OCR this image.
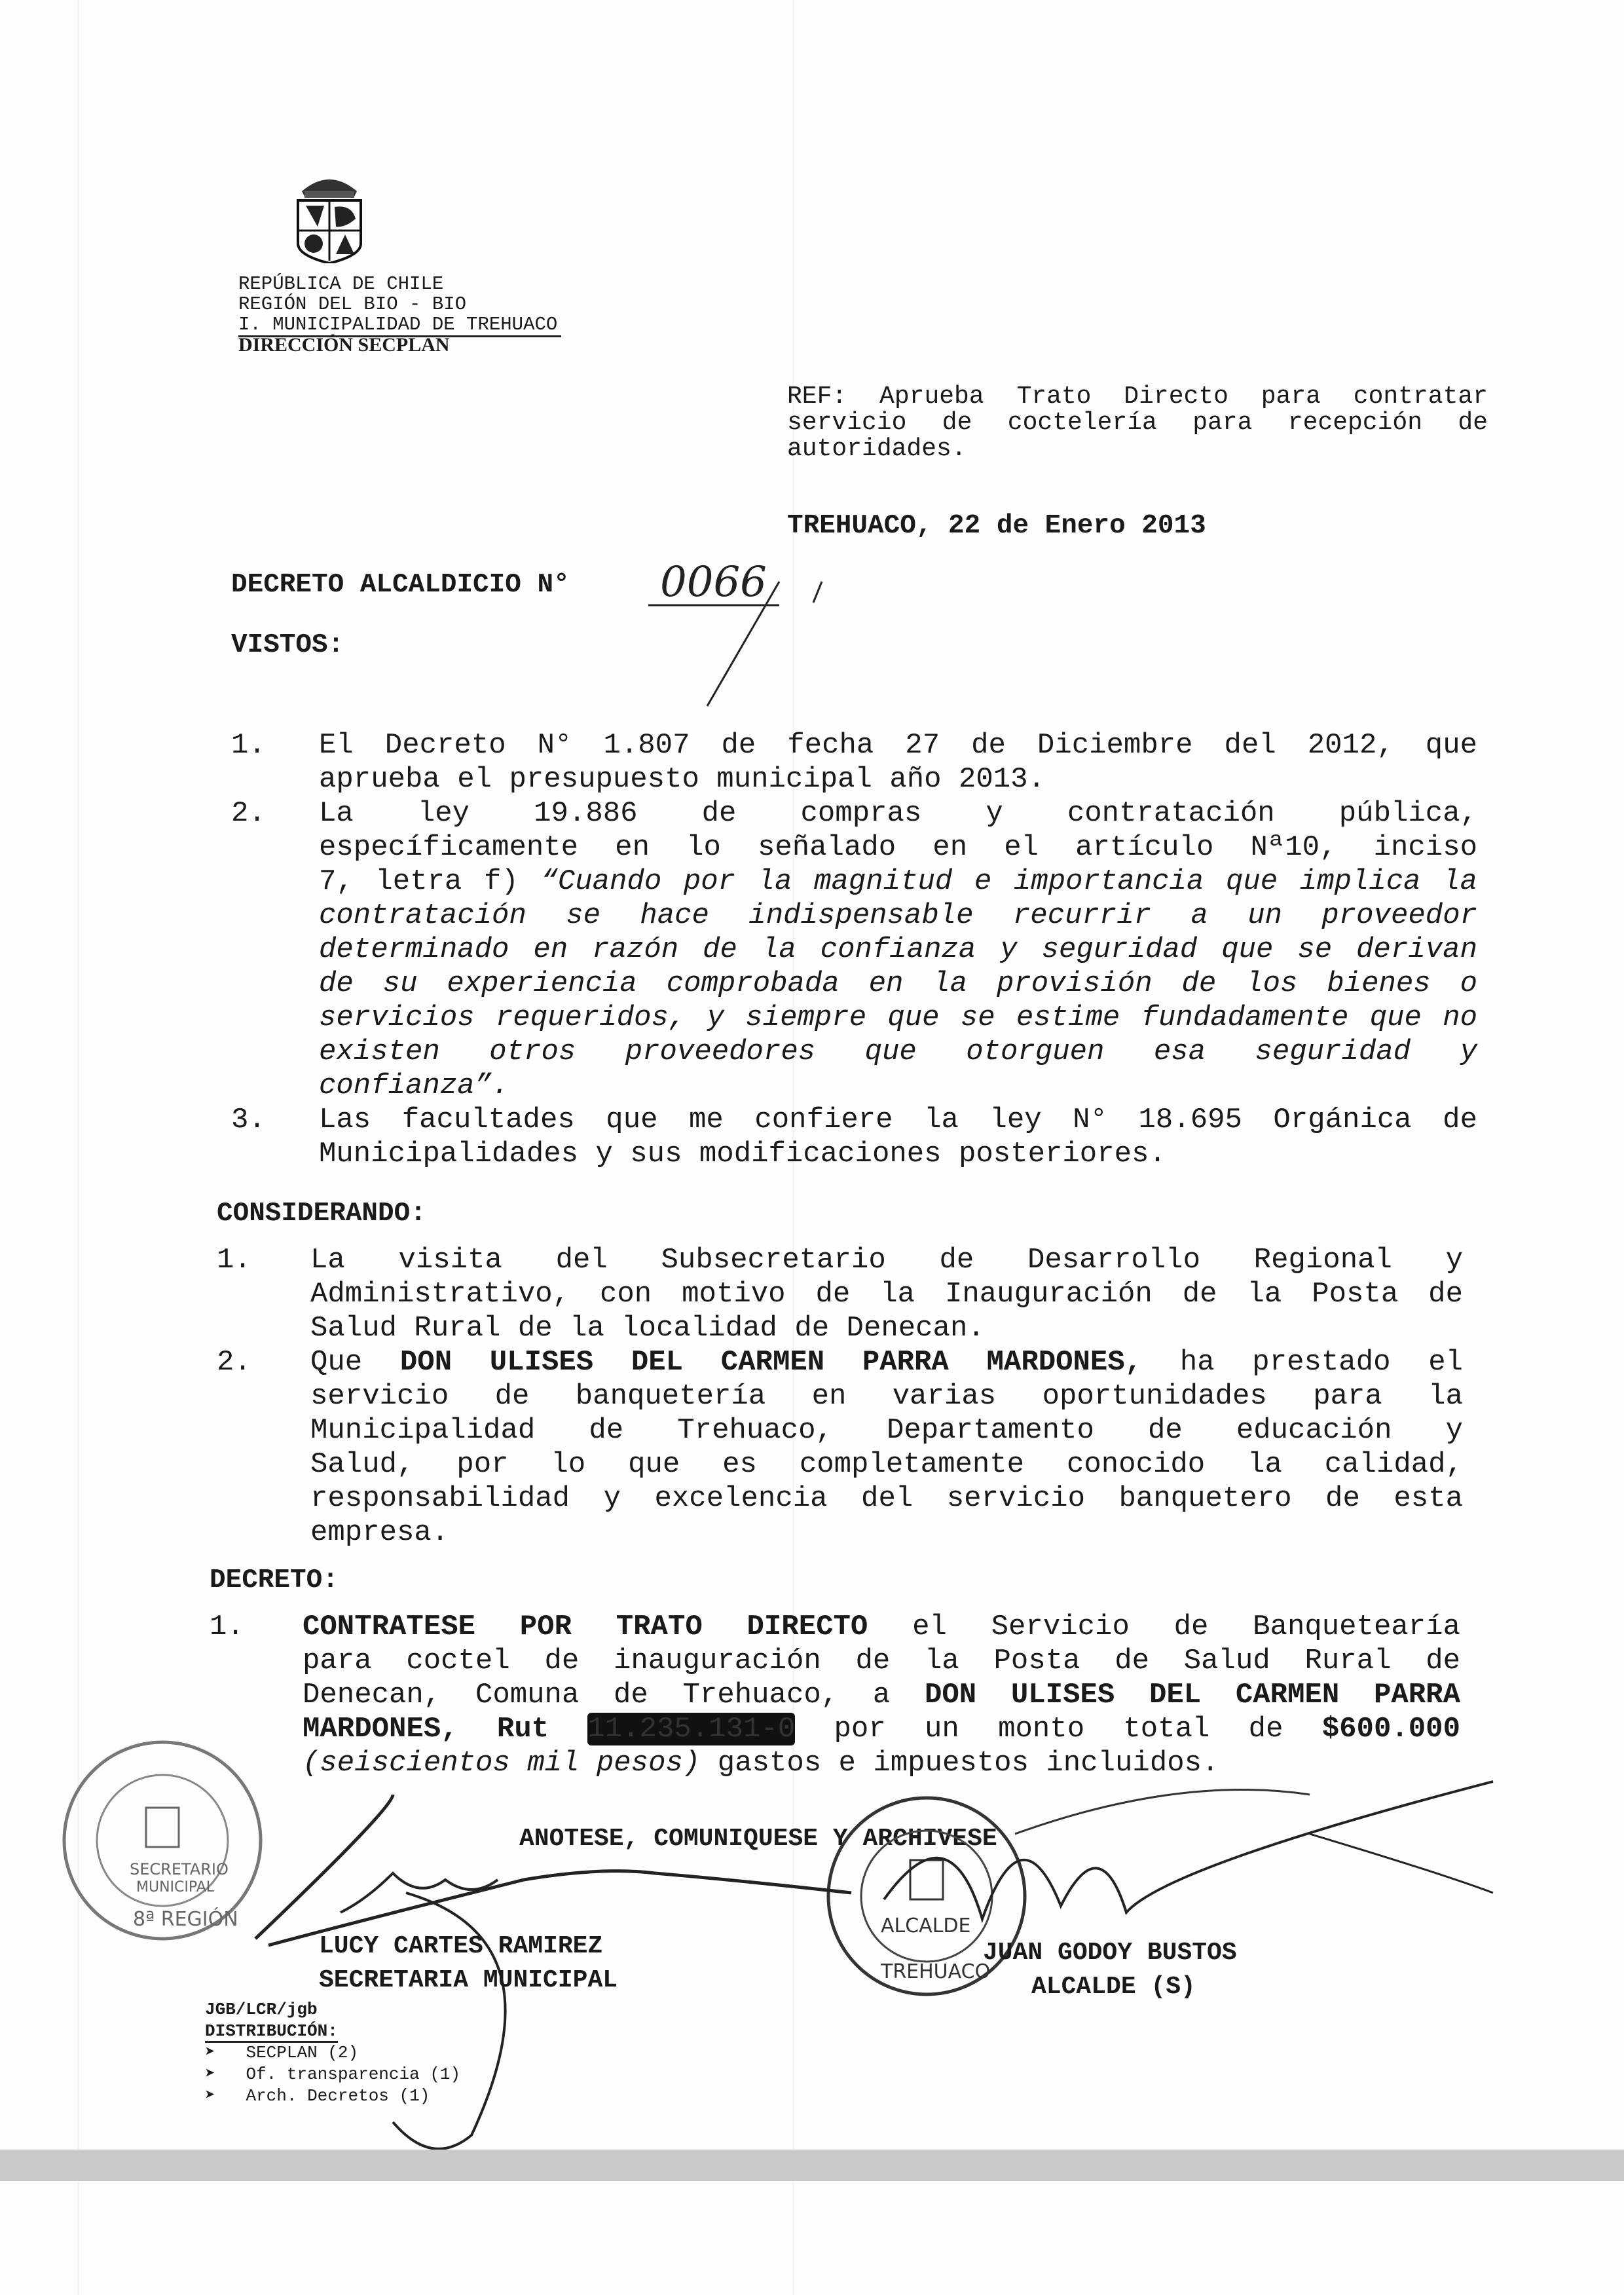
REPÚBLICA DE CHILE
REGIÓN DEL BIO - BIO
I. MUNICIPALIDAD DE TREHUACO
DIRECCIÓN SECPLAN
REF: Aprueba Trato Directo para contratar
servicio de coctelería para recepción de
autoridades.
TREHUACO, 22 de Enero 2013
DECRETO ALCALDICIO N° 0066
VISTOS:
1. El Decreto N° 1.807 de fecha 27 de Diciembre del 2012, que
aprueba el presupuesto municipal año 2013.
2. La ley 19.886 de compras y contratación pública,
específicamente en lo señalado en el artículo Nª10, inciso
7, letra f) “Cuando por la magnitud e importancia que implica la
contratación se hace indispensable recurrir a un proveedor
determinado en razón de la confianza y seguridad que se derivan
de su experiencia comprobada en la provisión de los bienes o
servicios requeridos, y siempre que se estime fundadamente que no
existen otros proveedores que otorguen esa seguridad y
confianza”.
3. Las facultades que me confiere la ley N° 18.695 Orgánica de
Municipalidades y sus modificaciones posteriores.
CONSIDERANDO:
1. La visita del Subsecretario de Desarrollo Regional y
Administrativo, con motivo de la Inauguración de la Posta de
Salud Rural de la localidad de Denecan.
2. Que DON ULISES DEL CARMEN PARRA MARDONES, ha prestado el
servicio de banquetería en varias oportunidades para la
Municipalidad de Trehuaco, Departamento de educación y
Salud, por lo que es completamente conocido la calidad,
responsabilidad y excelencia del servicio banquetero de esta
empresa.
DECRETO:
1. CONTRATESE POR TRATO DIRECTO el Servicio de Banquetearía
para coctel de inauguración de la Posta de Salud Rural de
Denecan, Comuna de Trehuaco, a DON ULISES DEL CARMEN PARRA
MARDONES, Rut 11.235.131-0 por un monto total de $600.000
(seiscientos mil pesos) gastos e impuestos incluidos.
ANOTESE, COMUNIQUESE Y ARCHIVESE
SECRETARIO
MUNICIPAL
8ª REGIÓN	ALCALDE
TREHUACO
LUCY CARTES RAMIREZ
SECRETARIA MUNICIPAL
JUAN GODOY BUSTOS
ALCALDE (S)
JGB/LCR/jgb
DISTRIBUCIÓN:
➤ SECPLAN (2)
➤ Of. transparencia (1)
➤ Arch. Decretos (1)
